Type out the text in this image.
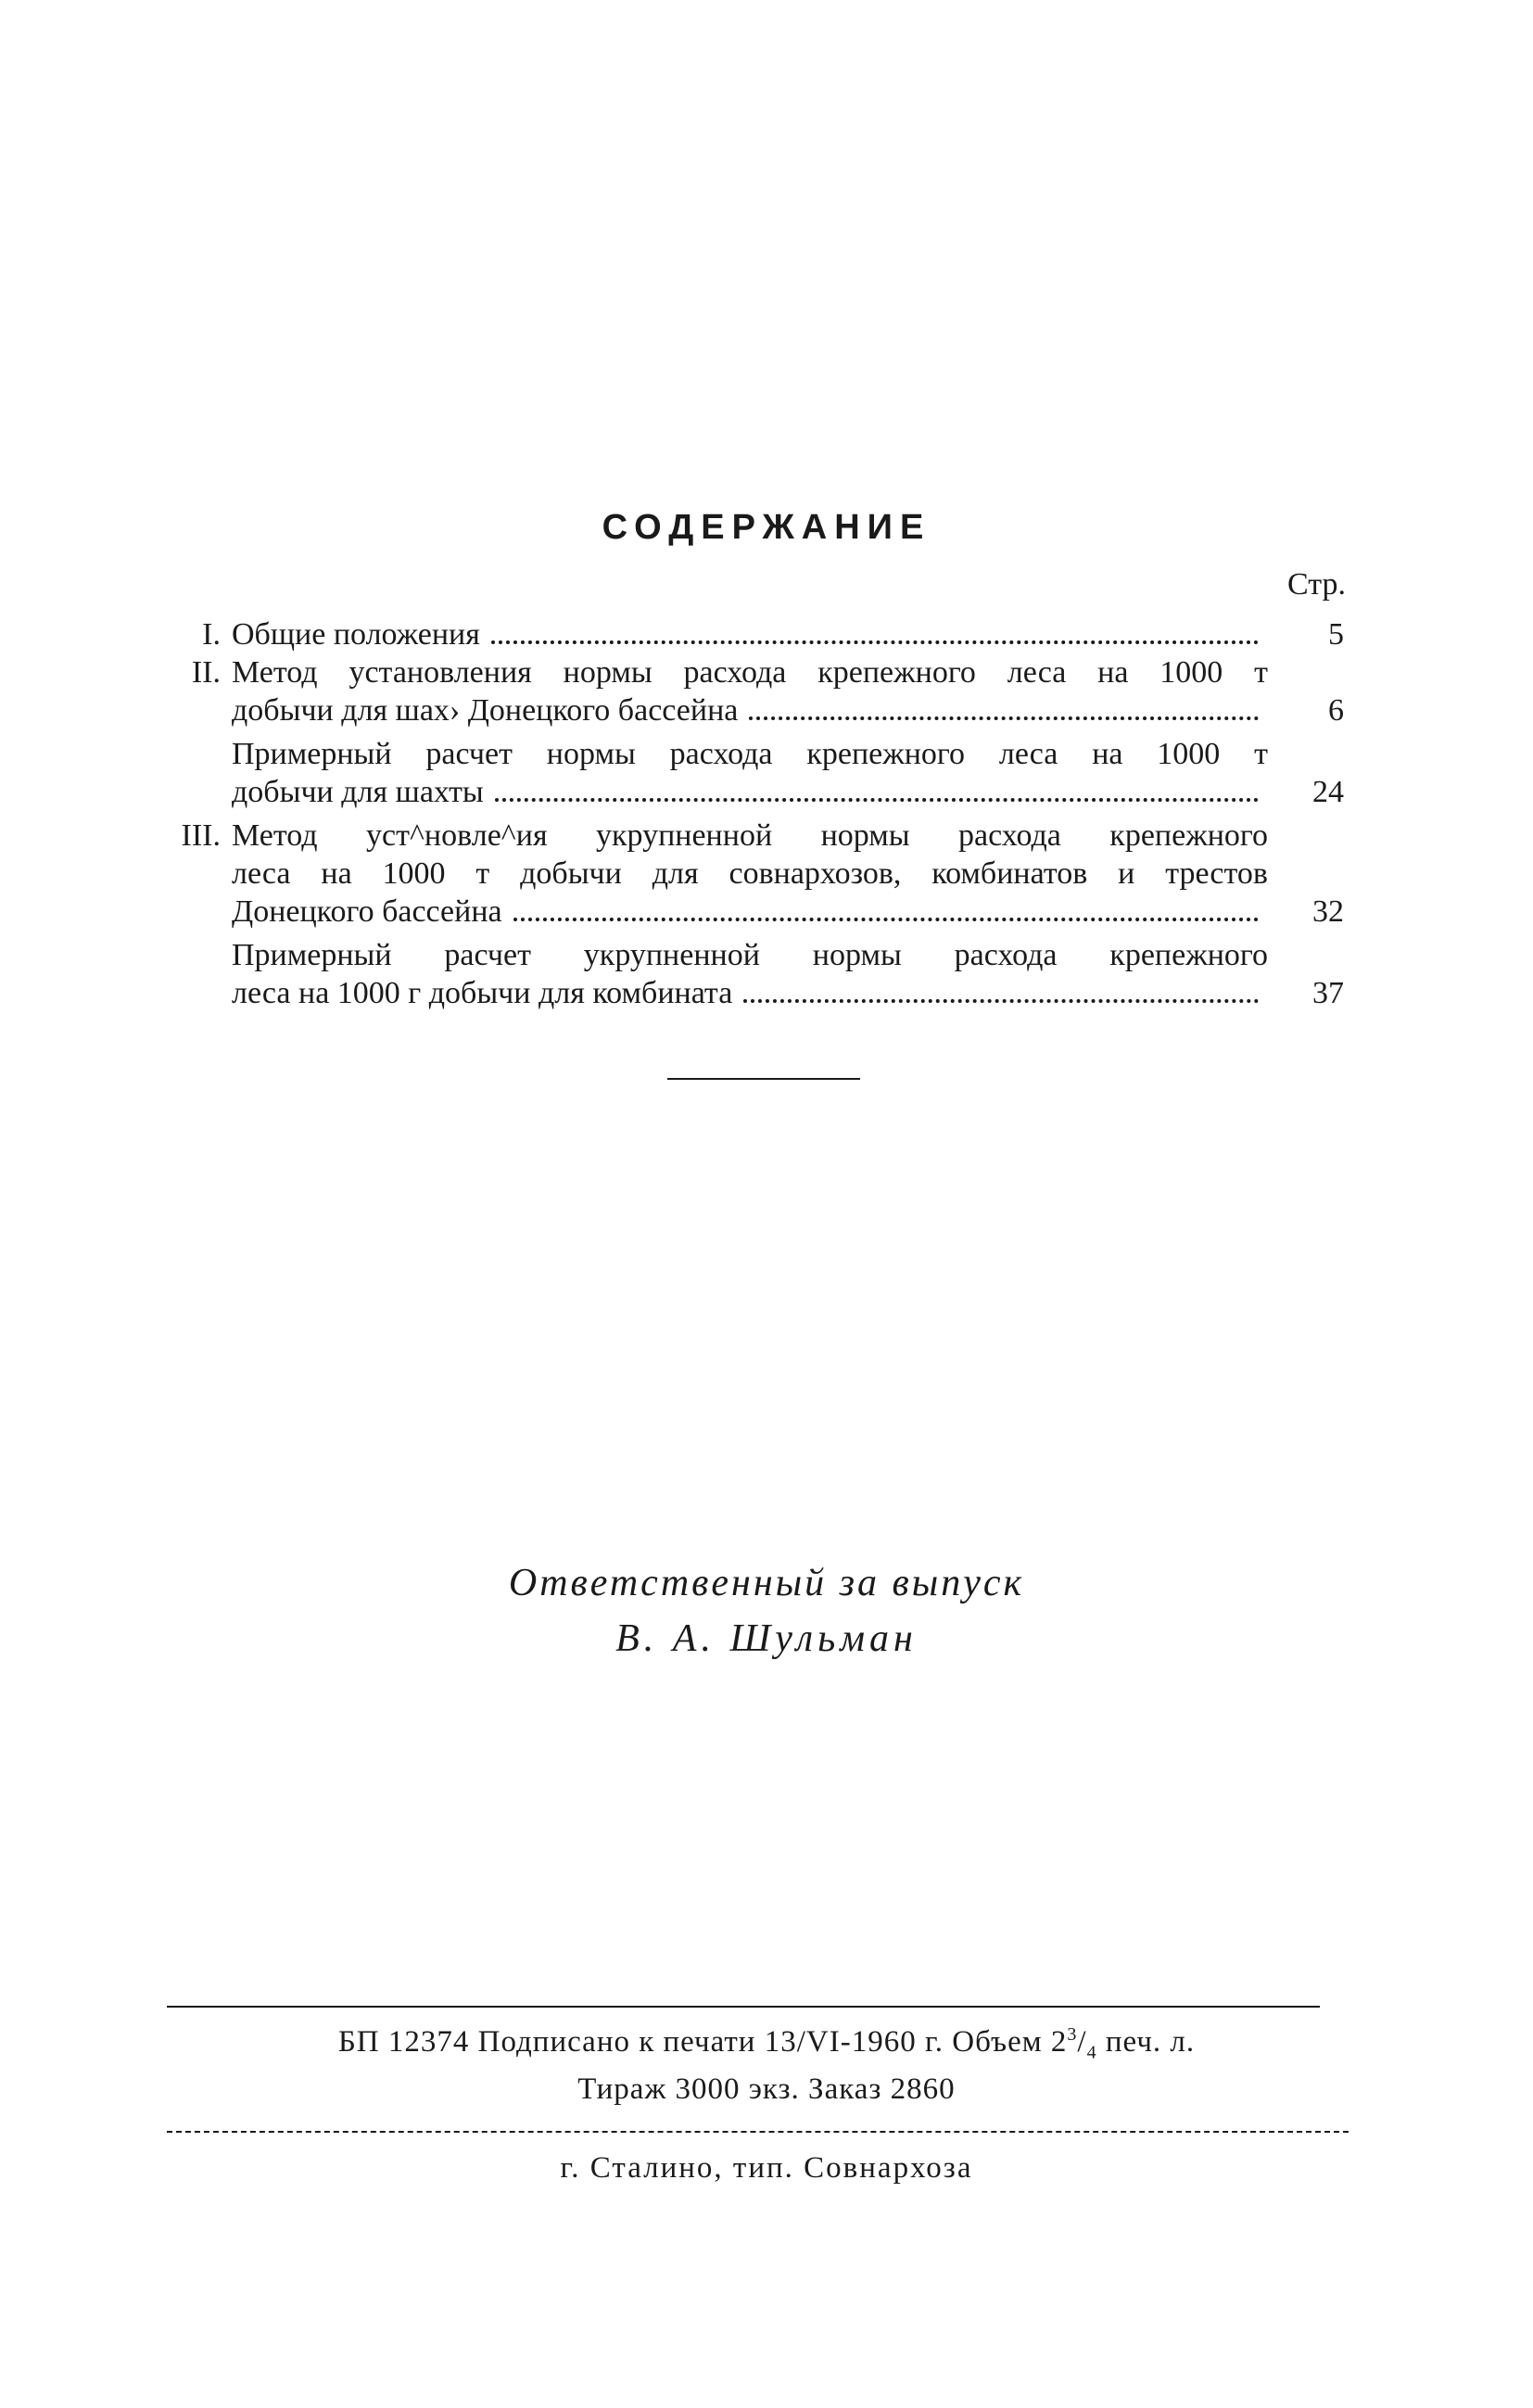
СОДЕРЖАНИЕ
Стр.
I. Общие положения	5
II. Метод установления нормы расхода крепежного леса на 1000 т
добычи для шах› Донецкого бассейна	6
Примерный расчет нормы расхода крепежного леса на 1000 т
добычи для шахты	24
III. Метод уст^новле^ия укрупненной нормы расхода крепежного
леса на 1000 т добычи для совнархозов, комбинатов и трестов
Донецкого бассейна	32
Примерный расчет укрупненной нормы расхода крепежного
леса на 1000 г добычи для комбината	37
Ответственный за выпуск
В. А. Шульман
БП 12374 Подписано к печати 13/VI-1960 г. Объем $2^3/_4$ печ. л.
Тираж 3000 экз. Заказ 2860
г. Сталино, тип. Совнархоза
